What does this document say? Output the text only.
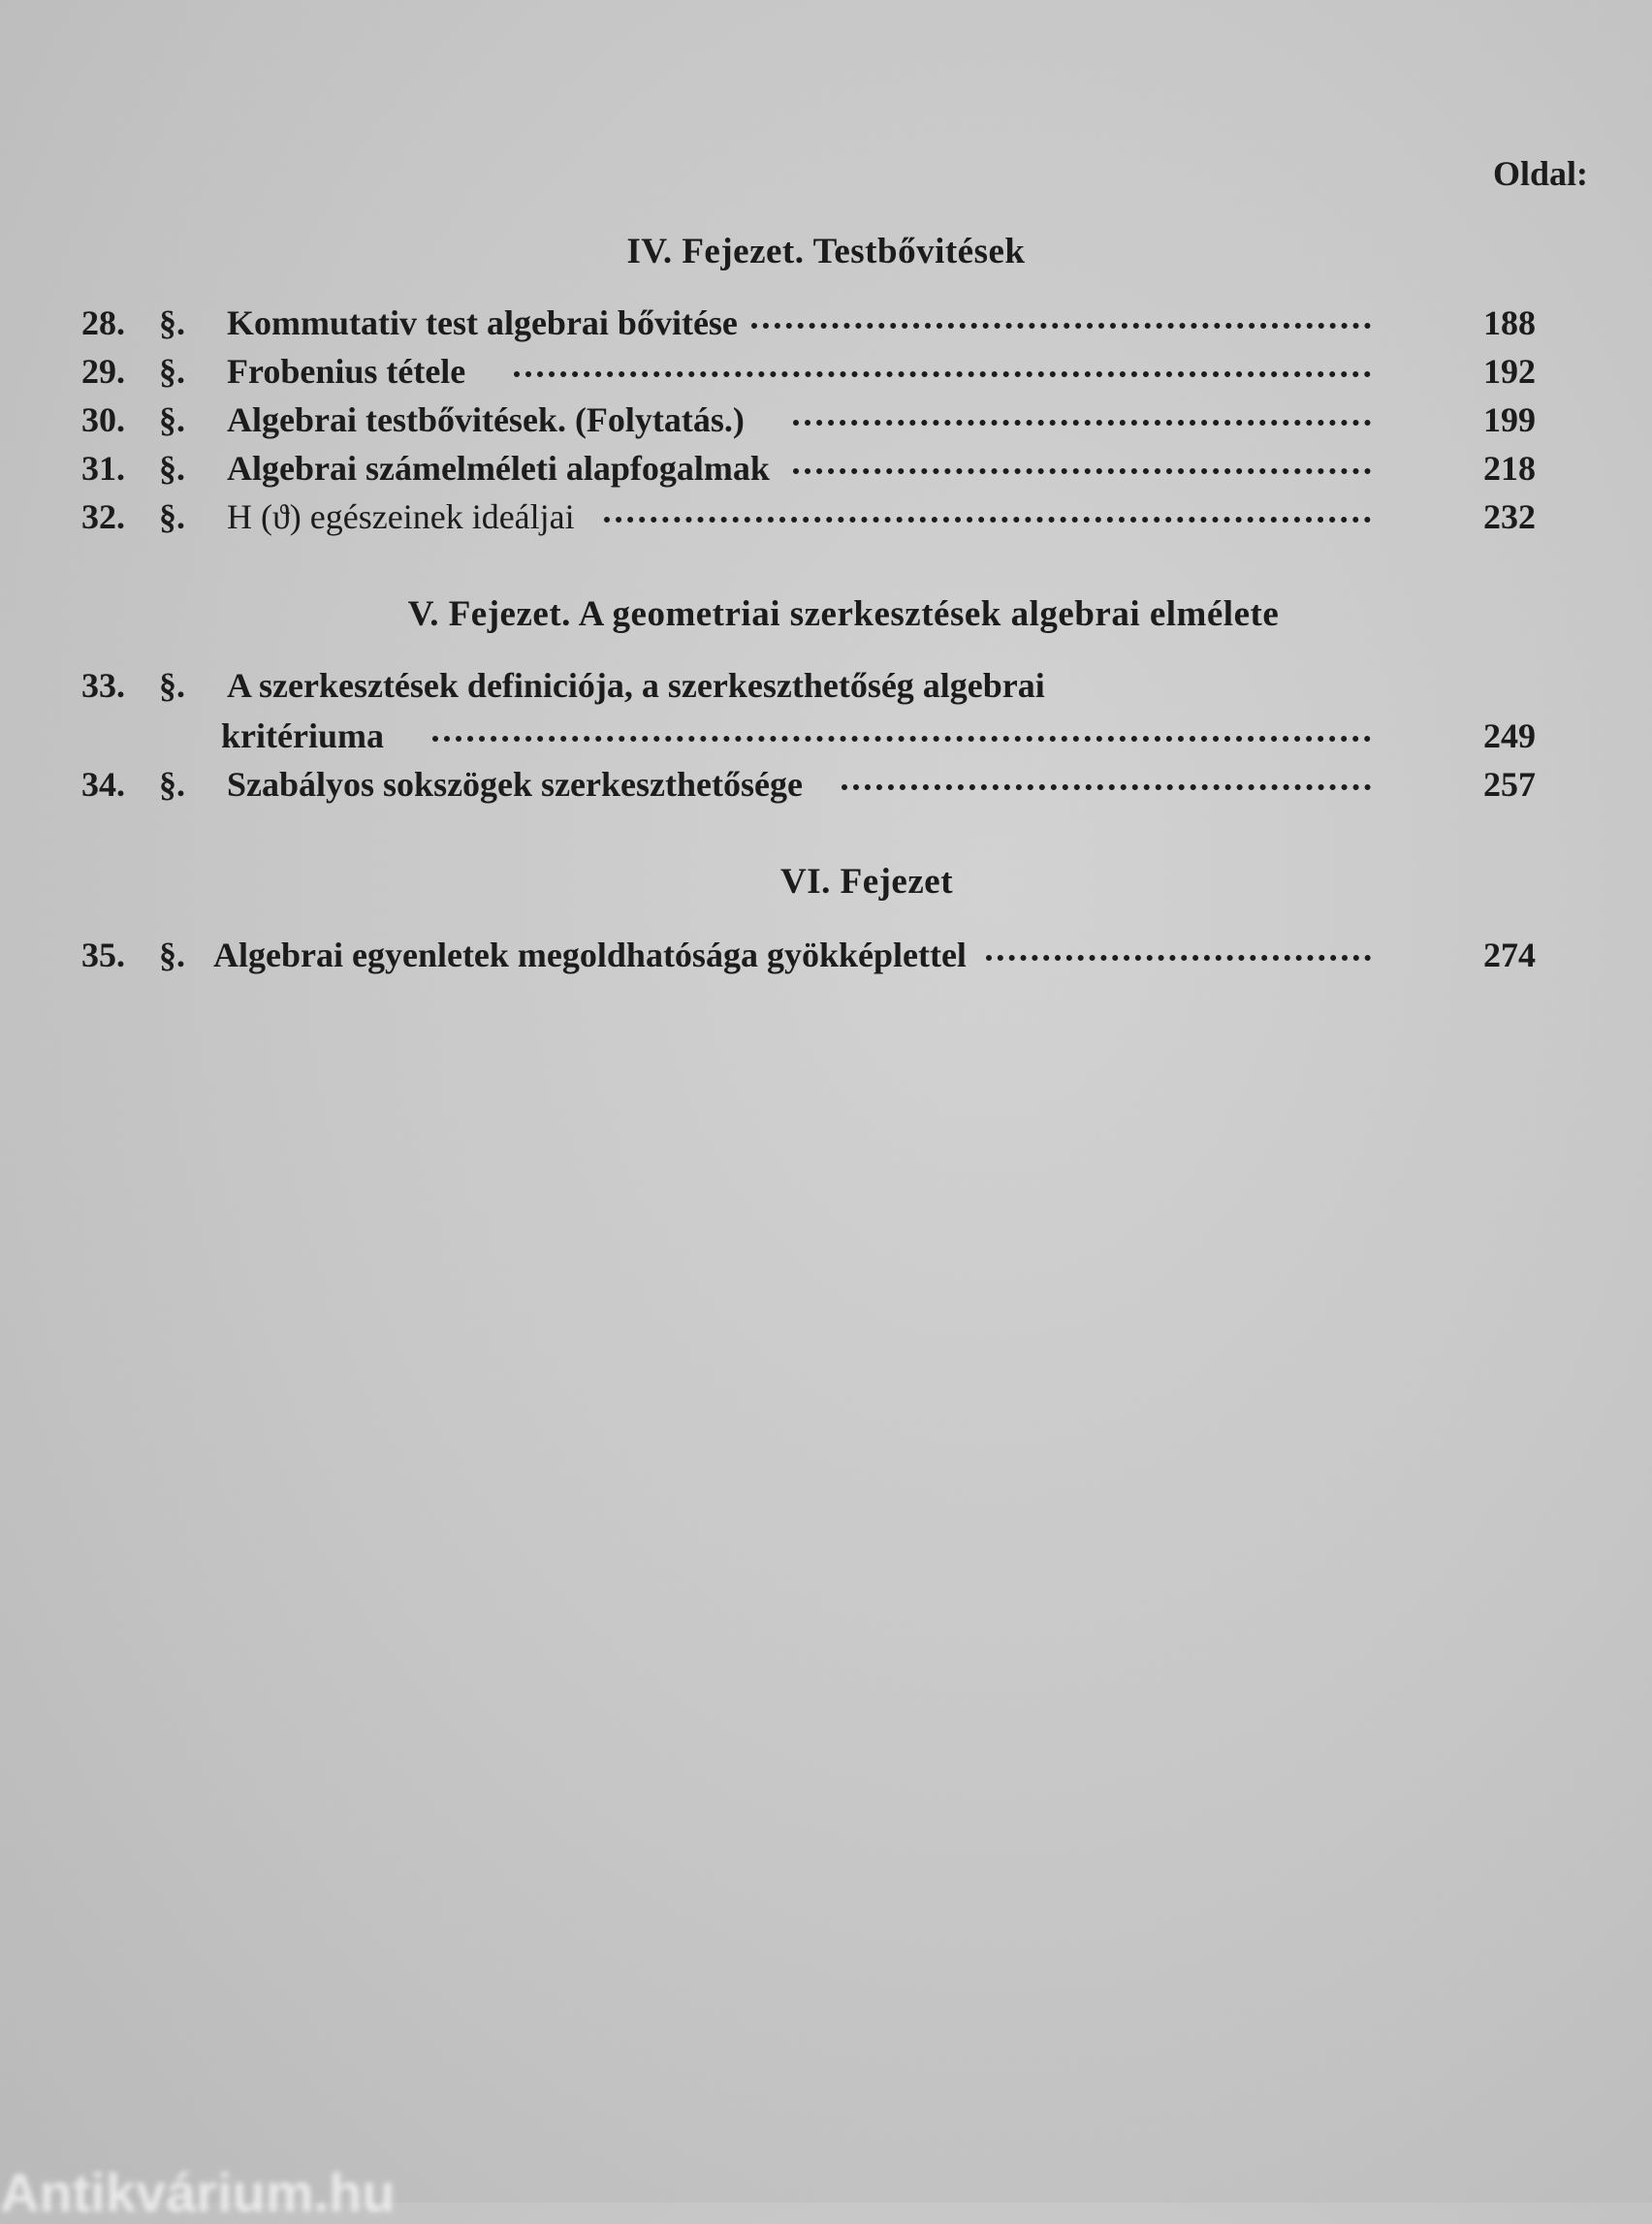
Oldal:
IV. Fejezet. Testbővitések
28. §.	Kommutativ test algebrai bővitése	188
29. §.	Frobenius tétele	192
30. §.	Algebrai testbővitések. (Folytatás.)	199
31. §.	Algebrai számelméleti alapfogalmak	218
32. §.	H (ϑ) egészeinek ideáljai	232
V. Fejezet. A geometriai szerkesztések algebrai elmélete
33. §.	A szerkesztések definiciója, a szerkeszthetőség algebrai
kritériuma	249
34. §.	Szabályos sokszögek szerkeszthetősége	257
VI. Fejezet
35. §. Algebrai egyenletek megoldhatósága gyökképlettel	274
Antikvárium.hu
